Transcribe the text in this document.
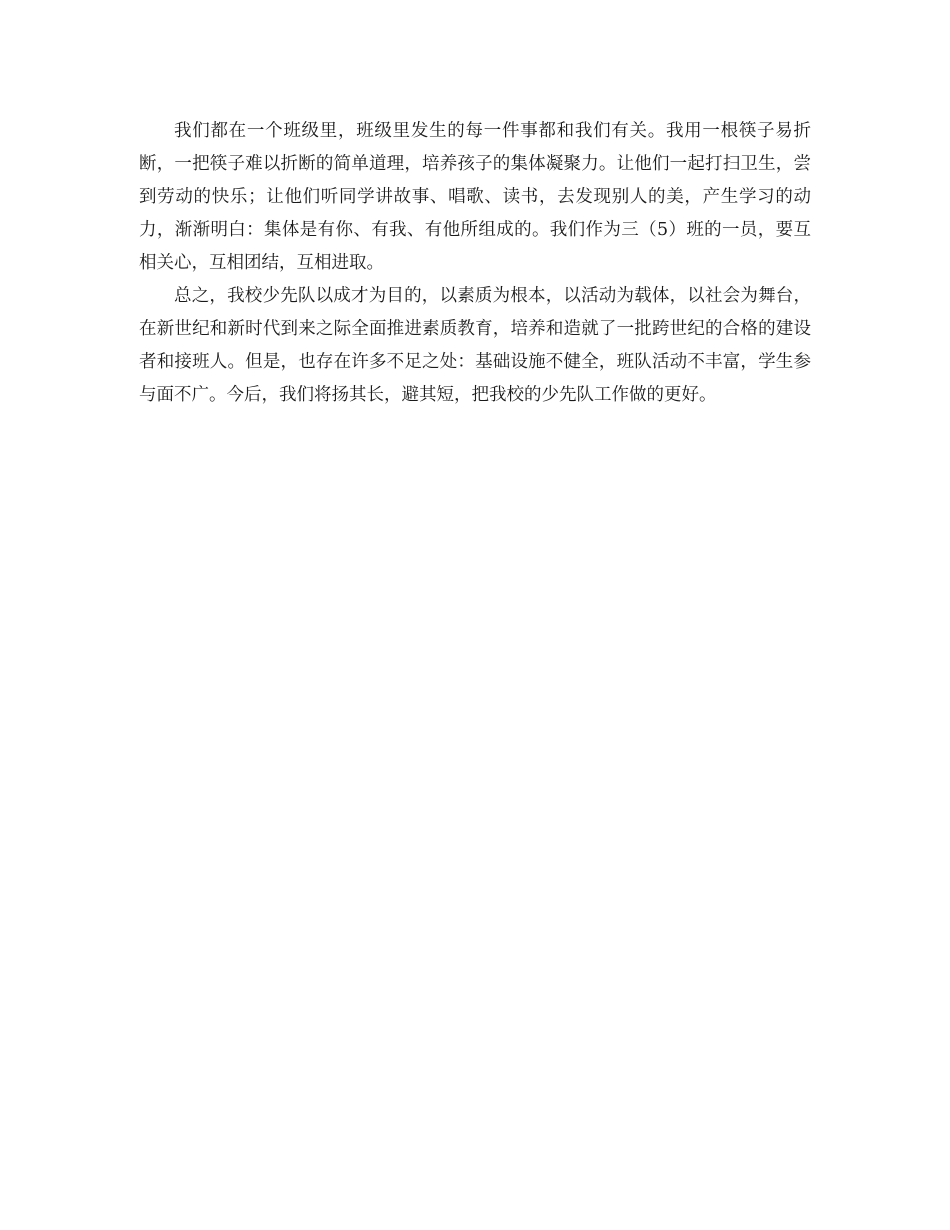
我们都在一个班级里，班级里发生的每一件事都和我们有关。我用一根筷子易折断，一把筷子难以折断的简单道理，培养孩子的集体凝聚力。让他们一起打扫卫生，尝到劳动的快乐；让他们听同学讲故事、唱歌、读书，去发现别人的美，产生学习的动力，渐渐明白：集体是有你、有我、有他所组成的。我们作为三（5）班的一员，要互相关心，互相团结，互相进取。

总之，我校少先队以成才为目的，以素质为根本，以活动为载体，以社会为舞台，在新世纪和新时代到来之际全面推进素质教育，培养和造就了一批跨世纪的合格的建设者和接班人。但是，也存在许多不足之处：基础设施不健全，班队活动不丰富，学生参与面不广。今后，我们将扬其长，避其短，把我校的少先队工作做的更好。
